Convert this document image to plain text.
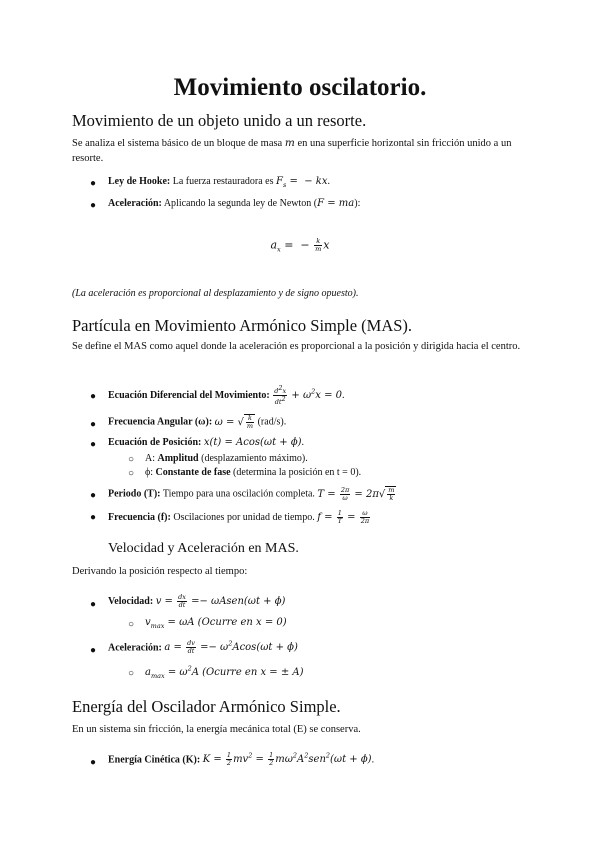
Movimiento oscilatorio.
Movimiento de un objeto unido a un resorte.
Se analiza el sistema básico de un bloque de masa m en una superficie horizontal sin fricción unido a un resorte.
● Ley de Hooke: La fuerza restauradora es $F_s$ =  − kx.
● Aceleración: Aplicando la segunda ley de Newton (F = ma):
$a_x$ =  − $\frac{k}{m}$ x
(La aceleración es proporcional al desplazamiento y de signo opuesto).
Partícula en Movimiento Armónico Simple (MAS).
Se define el MAS como aquel donde la aceleración es proporcional a la posición y dirigida hacia el centro.
● Ecuación Diferencial del Movimiento: $\frac{d^2x}{dt^2} + \omega^2x = 0$.
● Frecuencia Angular (ω): ω = √ $\frac{k}{m} (rad/s)$.
● Ecuación de Posición: x(t) = Acos(ωt + ϕ).
○ A: Amplitud (desplazamiento máximo).
○ ϕ: Constante de fase (determina la posición en t = 0).
● Periodo (T): Tiempo para una oscilación completa. $T = \frac{2\pi}{\omega} = 2\pi√ \frac{m}{k}$
● Frecuencia (f): Oscilaciones por unidad de tiempo. $f = \frac{1}{T} = \frac{\omega}{2\pi}$
Velocidad y Aceleración en MAS.
Derivando la posición respecto al tiempo:
● Velocidad: $v = \frac{dx}{dt}$ =− ωAsen(ωt + ϕ)
○ $v_{max} = \omega A$ (Ocurre en x = 0)
● Aceleración: $a = \frac{dv}{dt} =- \omega^2Acos(\omega t + \phi)$
○ $a_{max} = \omega^2A$ (Ocurre en x = ± A)
Energía del Oscilador Armónico Simple.
En un sistema sin fricción, la energía mecánica total (E) se conserva.
● Energía Cinética (K): $K = \frac{1}{2} mv^2 = \frac{1}{2} m\omega^2A^2sen^2(\omega t + \phi)$.
